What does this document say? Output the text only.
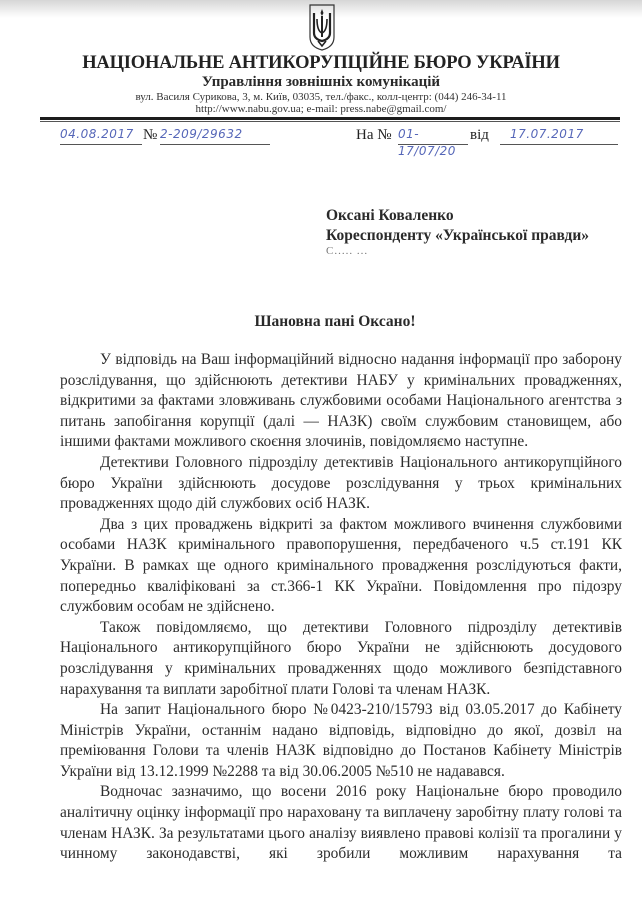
НАЦІОНАЛЬНЕ АНТИКОРУПЦІЙНЕ БЮРО УКРАЇНИ
Управління зовнішніх комунікацій
вул. Василя Сурикова, 3, м. Київ, 03035, тел./факс., колл-центр: (044) 246-34-11
http://www.nabu.gov.ua; e-mail: press.nabe@gmail.com/
04.08.2017 № 2-209/29632	На № 01-17/07/20
від	17.07.2017
Оксані Коваленко
Кореспонденту «Української правди»
С..... ...
Шановна пані Оксано!

У відповідь на Ваш інформаційний відносно надання інформації про заборону розслідування, що здійснюють детективи НАБУ у кримінальних провадженнях, відкритими за фактами зловживань службовими особами Національного агентства з питань запобігання корупції (далі — НАЗК) своїм службовим становищем, або іншими фактами можливого скоєння злочинів, повідомляємо наступне.

Детективи Головного підрозділу детективів Національного антикорупційного бюро України здійснюють досудове розслідування у трьох кримінальних провадженнях щодо дій службових осіб НАЗК.

Два з цих проваджень відкриті за фактом можливого вчинення службовими особами НАЗК кримінального правопорушення, передбаченого ч.5 ст.191 КК України. В рамках ще одного кримінального провадження розслідуються факти, попередньо кваліфіковані за ст.366-1 КК України. Повідомлення про підозру службовим особам не здійснено.

Також повідомляємо, що детективи Головного підрозділу детективів Національного антикорупційного бюро України не здійснюють досудового розслідування у кримінальних провадженнях щодо можливого безпідставного нарахування та виплати заробітної плати Голові та членам НАЗК.

На запит Національного бюро №0423-210/15793 від 03.05.2017 до Кабінету Міністрів України, останнім надано відповідь, відповідно до якої, дозвіл на преміювання Голови та членів НАЗК відповідно до Постанов Кабінету Міністрів України від 13.12.1999 №2288 та від 30.06.2005 №510 не надавався.

Водночас зазначимо, що восени 2016 року Національне бюро проводило аналітичну оцінку інформації про нараховану та виплачену заробітну плату голові та членам НАЗК. За результатами цього аналізу виявлено правові колізії та прогалини у чинному законодавстві, які зробили можливим нарахування та
